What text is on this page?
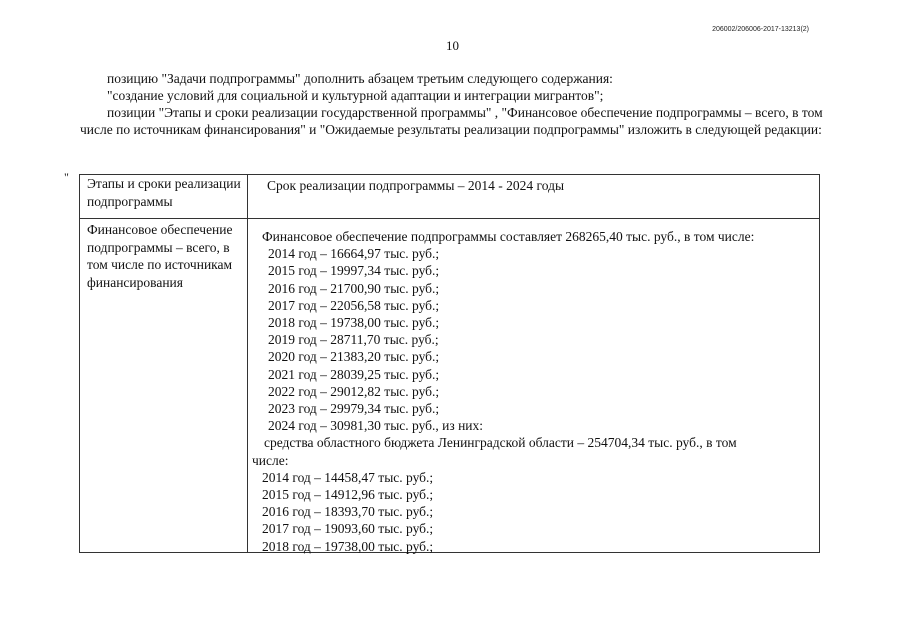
206002/206006-2017-13213(2)
10

позицию "Задачи подпрограммы" дополнить абзацем третьим следующего содержания:

"создание условий для социальной и культурной адаптации и интеграции мигрантов";

позиции "Этапы и сроки реализации государственной программы" , "Финансовое обеспечение подпрограммы – всего, в том числе по источникам финансирования" и "Ожидаемые результаты реализации подпрограммы" изложить в следующей редакции:

" Этапы и сроки реализации подпрограммы
Срок реализации подпрограммы – 2014 - 2024 годы
Финансовое обеспечение подпрограммы – всего, в том числе по источникам финансирования
Финансовое обеспечение подпрограммы составляет 268265,40 тыс. руб., в том числе:
2014 год – 16664,97 тыс. руб.;
2015 год – 19997,34 тыс. руб.;
2016 год – 21700,90 тыс. руб.;
2017 год – 22056,58 тыс. руб.;
2018 год – 19738,00 тыс. руб.;
2019 год – 28711,70 тыс. руб.;
2020 год – 21383,20 тыс. руб.;
2021 год – 28039,25 тыс. руб.;
2022 год – 29012,82 тыс. руб.;
2023 год – 29979,34 тыс. руб.;
2024 год – 30981,30 тыс. руб., из них:
средства областного бюджета Ленинградской области – 254704,34 тыс. руб., в том
числе:
2014 год – 14458,47 тыс. руб.;
2015 год – 14912,96 тыс. руб.;
2016 год – 18393,70 тыс. руб.;
2017 год – 19093,60 тыс. руб.;
2018 год – 19738,00 тыс. руб.;
